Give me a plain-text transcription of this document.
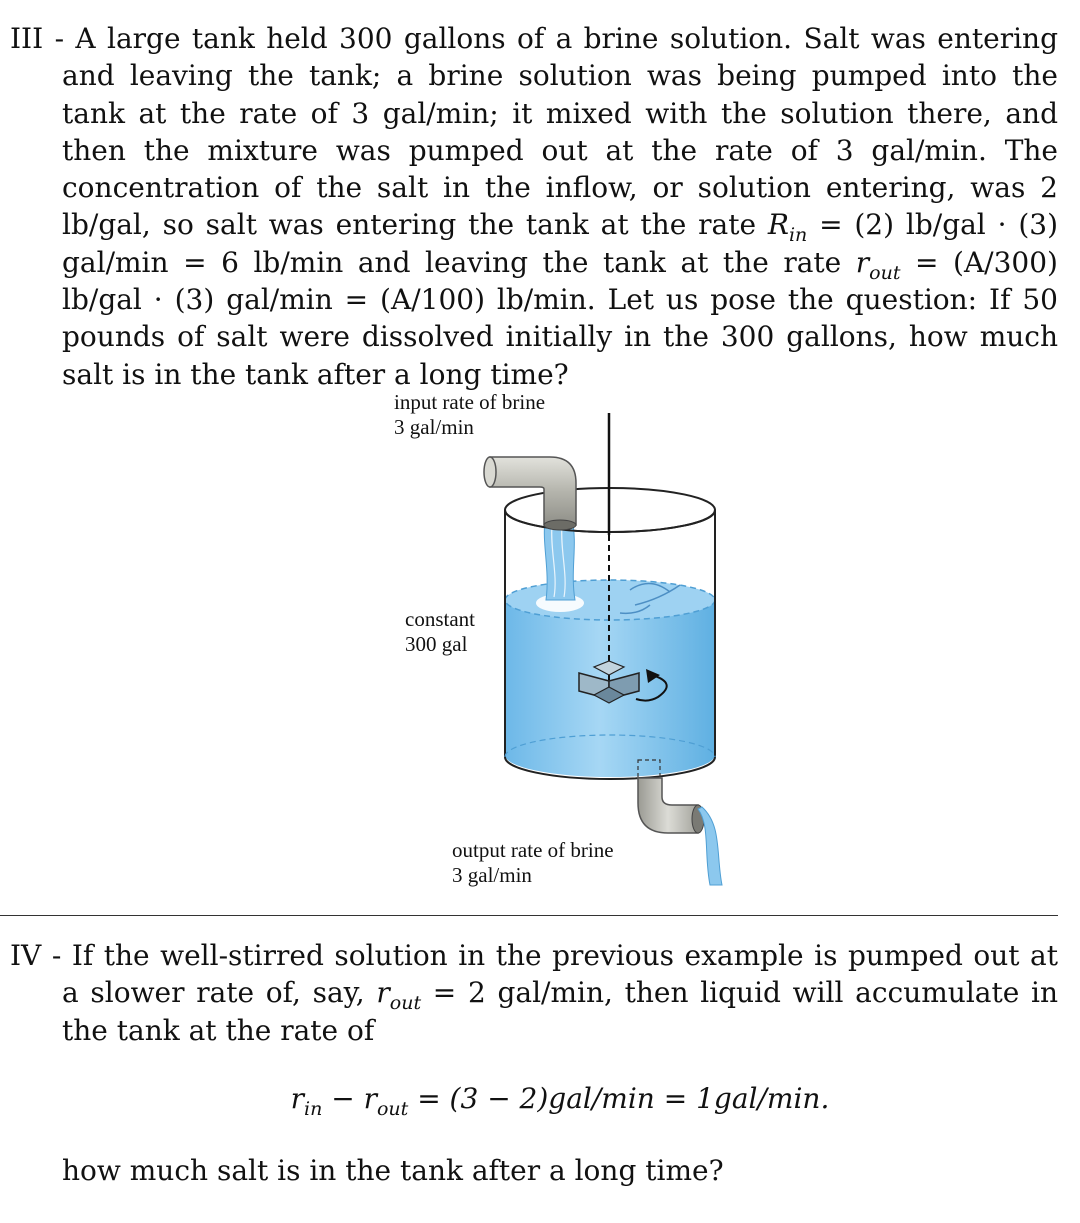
III - A large tank held 300 gallons of a brine solution. Salt was entering and leaving the tank; a brine solution was being pumped into the tank at the rate of 3 gal/min; it mixed with the solution there, and then the mixture was pumped out at the rate of 3 gal/min. The concentration of the salt in the inflow, or solution entering, was 2 lb/gal, so salt was entering the tank at the rate $R_{in} = (2) lb/gal \cdot (3) gal/\min = 6$ lb/min and leaving the tank at the rate $r_{out} = (A/300) lb/gal \cdot (3) gal/\min = (A/100)$ lb/min. Let us pose the question: If 50 pounds of salt were dissolved initially in the 300 gallons, how much salt is in the tank after a long time?
input rate of brine
3 gal/min
constant
300 gal
output rate of brine
3 gal/min
IV - If the well-stirred solution in the previous example is pumped out at a slower rate of, say, $r_{out} = 2$ gal/min, then liquid will accumulate in the tank at the rate of
$r_{in} - r_{out} = (3 - 2)gal/\min = 1gal/\min$.
how much salt is in the tank after a long time?
